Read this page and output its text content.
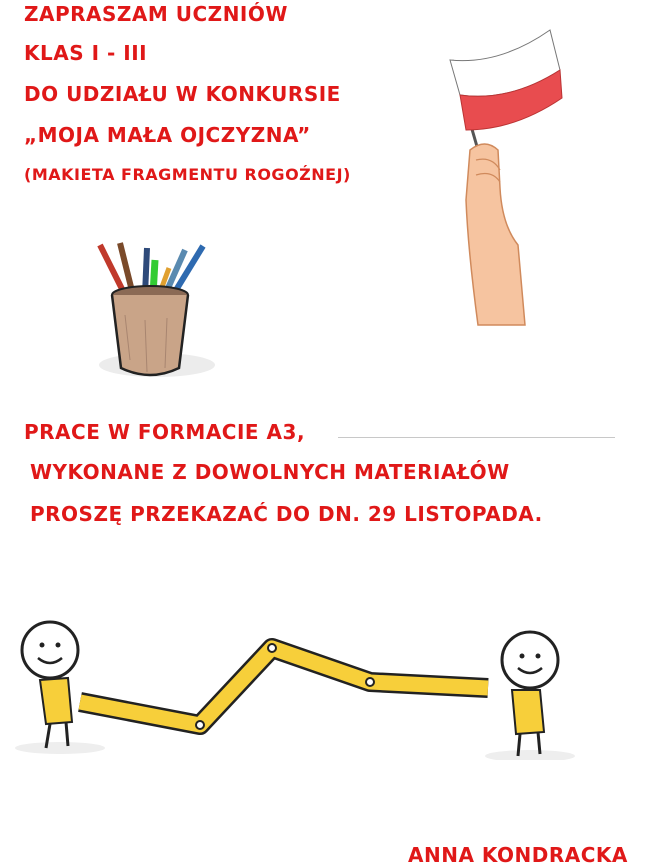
ZAPRASZAM UCZNIÓW
KLAS I - III
DO UDZIAŁU W KONKURSIE
„MOJA MAŁA OJCZYZNA”
(MAKIETA FRAGMENTU ROGOŹNEJ)
PRACE W FORMACIE A3,
WYKONANE Z DOWOLNYCH MATERIAŁÓW
PROSZĘ PRZEKAZAĆ DO DN. 29 LISTOPADA.
ANNA KONDRACKA
